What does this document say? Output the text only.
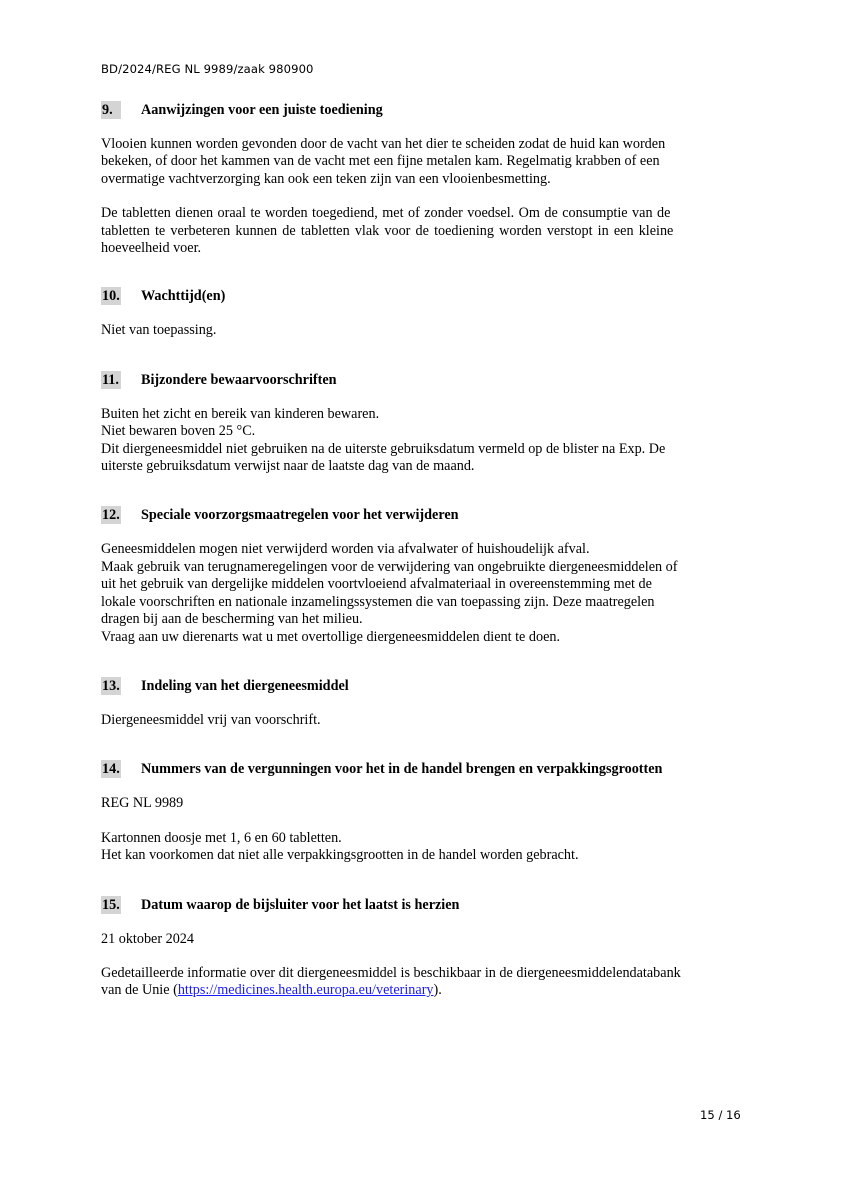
BD/2024/REG NL 9989/zaak 980900
9. Aanwijzingen voor een juiste toediening
Vlooien kunnen worden gevonden door de vacht van het dier te scheiden zodat de huid kan worden
bekeken, of door het kammen van de vacht met een fijne metalen kam. Regelmatig krabben of een
overmatige vachtverzorging kan ook een teken zijn van een vlooienbesmetting.
De tabletten dienen oraal te worden toegediend, met of zonder voedsel. Om de consumptie van de
tabletten te verbeteren kunnen de tabletten vlak voor de toediening worden verstopt in een kleine
hoeveelheid voer.
10. Wachttijd(en)
Niet van toepassing.
11. Bijzondere bewaarvoorschriften
Buiten het zicht en bereik van kinderen bewaren.
Niet bewaren boven 25 °C.
Dit diergeneesmiddel niet gebruiken na de uiterste gebruiksdatum vermeld op de blister na Exp. De
uiterste gebruiksdatum verwijst naar de laatste dag van de maand.
12. Speciale voorzorgsmaatregelen voor het verwijderen
Geneesmiddelen mogen niet verwijderd worden via afvalwater of huishoudelijk afval.
Maak gebruik van terugnameregelingen voor de verwijdering van ongebruikte diergeneesmiddelen of
uit het gebruik van dergelijke middelen voortvloeiend afvalmateriaal in overeenstemming met de
lokale voorschriften en nationale inzamelingssystemen die van toepassing zijn. Deze maatregelen
dragen bij aan de bescherming van het milieu.
Vraag aan uw dierenarts wat u met overtollige diergeneesmiddelen dient te doen.
13. Indeling van het diergeneesmiddel
Diergeneesmiddel vrij van voorschrift.
14. Nummers van de vergunningen voor het in de handel brengen en verpakkingsgrootten
REG NL 9989
Kartonnen doosje met 1, 6 en 60 tabletten.
Het kan voorkomen dat niet alle verpakkingsgrootten in de handel worden gebracht.
15. Datum waarop de bijsluiter voor het laatst is herzien
21 oktober 2024
Gedetailleerde informatie over dit diergeneesmiddel is beschikbaar in de diergeneesmiddelendatabank
van de Unie (https://medicines.health.europa.eu/veterinary).
15 / 16
